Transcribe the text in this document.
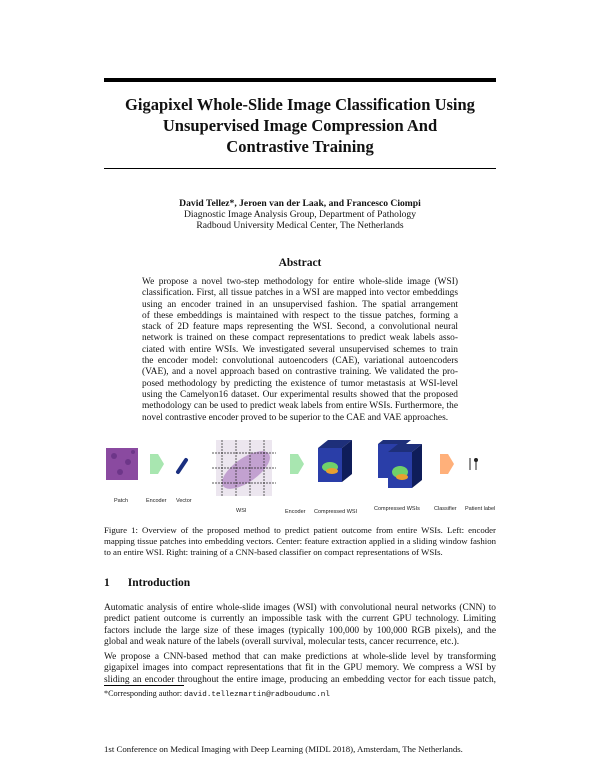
Gigapixel Whole-Slide Image Classification Using
Unsupervised Image Compression And
Contrastive Training
David Tellez*, Jeroen van der Laak, and Francesco Ciompi
Diagnostic Image Analysis Group, Department of Pathology
Radboud University Medical Center, The Netherlands
Abstract
We propose a novel two-step methodology for entire whole-slide image (WSI)
classification. First, all tissue patches in a WSI are mapped into vector embeddings
using an encoder trained in an unsupervised fashion. The spatial arrangement
of these embeddings is maintained with respect to the tissue patches, forming a
stack of 2D feature maps representing the WSI. Second, a convolutional neural
network is trained on these compact representations to predict weak labels asso-
ciated with entire WSIs. We investigated several unsupervised schemes to train
the encoder model: convolutional autoencoders (CAE), variational autoencoders
(VAE), and a novel approach based on contrastive training. We validated the pro-
posed methodology by predicting the existence of tumor metastasis at WSI-level
using the Camelyon16 dataset. Our experimental results showed that the proposed
methodology can be used to predict weak labels from entire WSIs. Furthermore, the
novel contrastive encoder proved to be superior to the CAE and VAE approaches.
Patch	Encoder Vector
WSI	Encoder Compressed WSI	Compressed WSIs	Classifier Patient label
Figure 1: Overview of the proposed method to predict patient outcome from entire WSIs. Left: encoder
mapping tissue patches into embedding vectors. Center: feature extraction applied in a sliding window fashion
to an entire WSI. Right: training of a CNN-based classifier on compact representations of WSIs.
1 Introduction
Automatic analysis of entire whole-slide images (WSI) with convolutional neural networks (CNN) to
predict patient outcome is currently an impossible task with the current GPU technology. Limiting
factors include the large size of these images (typically 100,000 by 100,000 RGB pixels), and the
global and weak nature of the labels (overall survival, molecular tests, cancer recurrence, etc.).
We propose a CNN-based method that can make predictions at whole-slide level by transforming
gigapixel images into compact representations that fit in the GPU memory. We compress a WSI by
sliding an encoder throughout the entire image, producing an embedding vector for each tissue patch,
*Corresponding author: david.tellezmartin@radboudumc.nl
1st Conference on Medical Imaging with Deep Learning (MIDL 2018), Amsterdam, The Netherlands.
